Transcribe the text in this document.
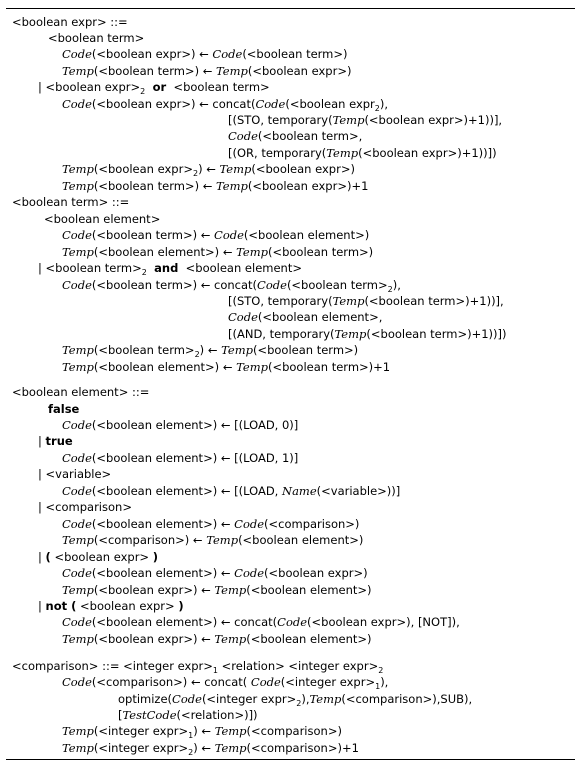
<boolean expr> ::=
<boolean term>
Code(<boolean expr>) ← Code(<boolean term>)
Temp(<boolean term>) ← Temp(<boolean expr>)
| <boolean $\exp r>_2$ or  <boolean term>
Code(<boolean expr>) ← concat(Code(<boolean expr$_2$),
[(STO, temporary(Temp(<boolean expr>)+1))],
Code(<boolean term>,
[(OR, temporary(Temp(<boolean expr>)+1))])
Temp(<boolean $\exp r>_2$) ← Temp(<boolean expr>)
Temp(<boolean term>) ← Temp(<boolean expr>)+1
<boolean term> ::=
<boolean element>
Code(<boolean term>) ← Code(<boolean element>)
Temp(<boolean element>) ← Temp(<boolean term>)
| <boolean $term>_2$ and  <boolean element>
Code(<boolean term>) ← concat(Code(<boolean $term>_2$),
[(STO, temporary(Temp(<boolean term>)+1))],
Code(<boolean element>,
[(AND, temporary(Temp(<boolean term>)+1))])
Temp(<boolean $term>_2$) ← Temp(<boolean term>)
Temp(<boolean element>) ← Temp(<boolean term>)+1
<boolean element> ::=
false
Code(<boolean element>) ← [(LOAD, 0)]
| true
Code(<boolean element>) ← [(LOAD, 1)]
| <variable>
Code(<boolean element>) ← [(LOAD, Name(<variable>))]
| <comparison>
Code(<boolean element>) ← Code(<comparison>)
Temp(<comparison>) ← Temp(<boolean element>)
| ( <boolean expr> )
Code(<boolean element>) ← Code(<boolean expr>)
Temp(<boolean expr>) ← Temp(<boolean element>)
| not ( <boolean expr> )
Code(<boolean element>) ← concat(Code(<boolean expr>), [NOT]),
Temp(<boolean expr>) ← Temp(<boolean element>)
<comparison> ::= <integer $\exp r>_1$ <relation> <integer $\exp r>_2$
Code(<comparison>) ← concat( Code(<integer $\exp r>_1$),
optimize(Code(<integer $\exp r>_2),Temp(<comparison>),SUB$),
[TestCode(<relation>)])
Temp(<integer $\exp r>_1$) ← Temp(<comparison>)
Temp(<integer $\exp r>_2$) ← Temp(<comparison>)+1
